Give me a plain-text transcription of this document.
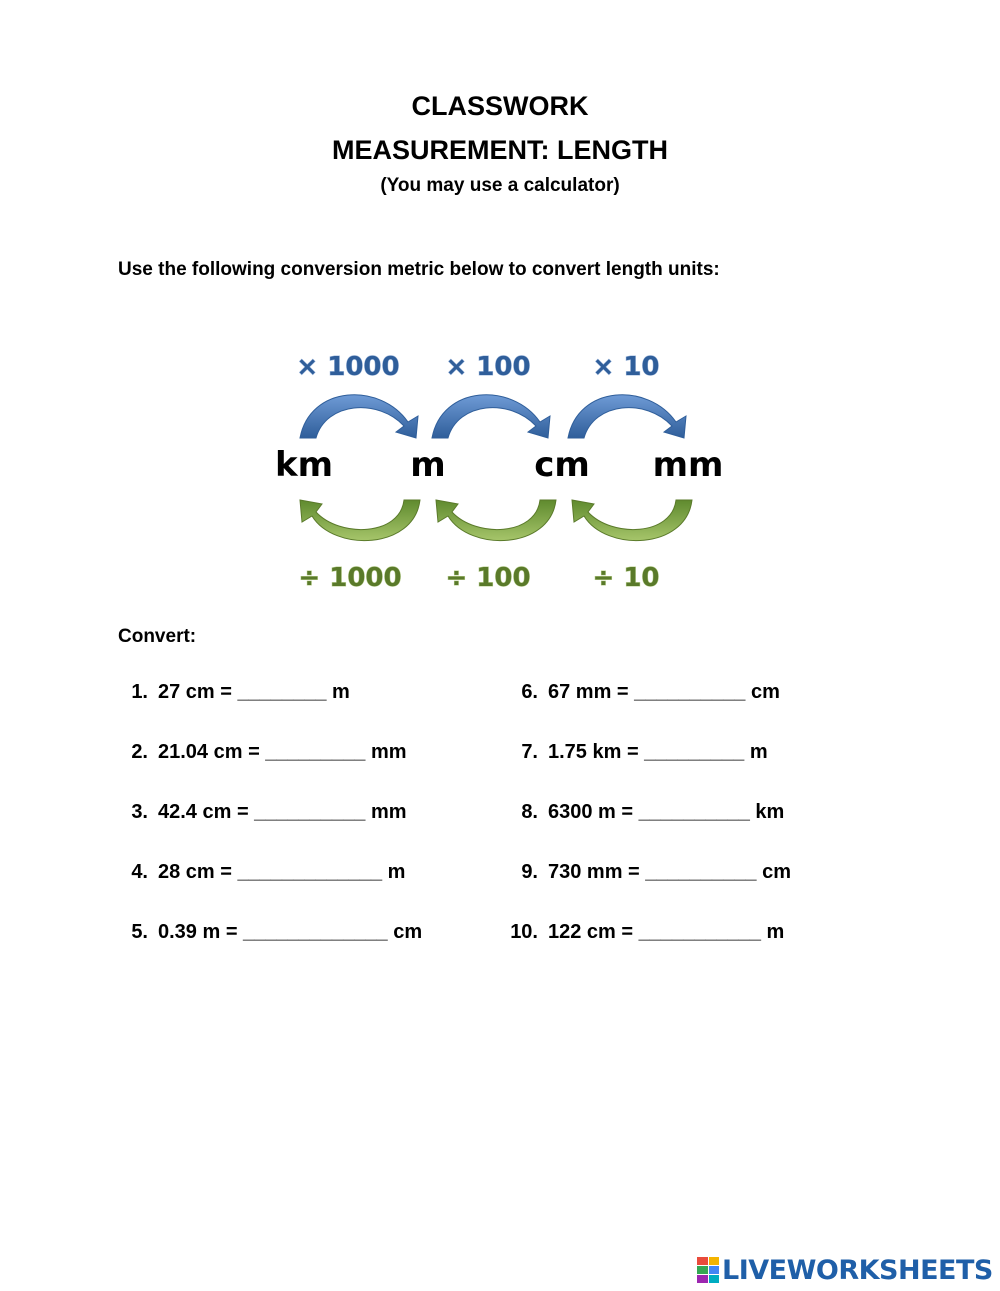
CLASSWORK
MEASUREMENT: LENGTH
(You may use a calculator)
Use the following conversion metric below to convert length units:
× 1000 × 100 × 10
km m	cm mm
÷ 1000 ÷ 100 ÷ 10
Convert:
1. 27 cm = ________ m
2. 21.04 cm = _________ mm
3. 42.4 cm = __________ mm
4. 28 cm = _____________ m
5. 0.39 m = _____________ cm
6. 67 mm = __________ cm
7. 1.75 km = _________ m
8. 6300 m = __________ km
9. 730 mm = __________ cm
10. 122 cm = ___________ m
LIVEWORKSHEETS
